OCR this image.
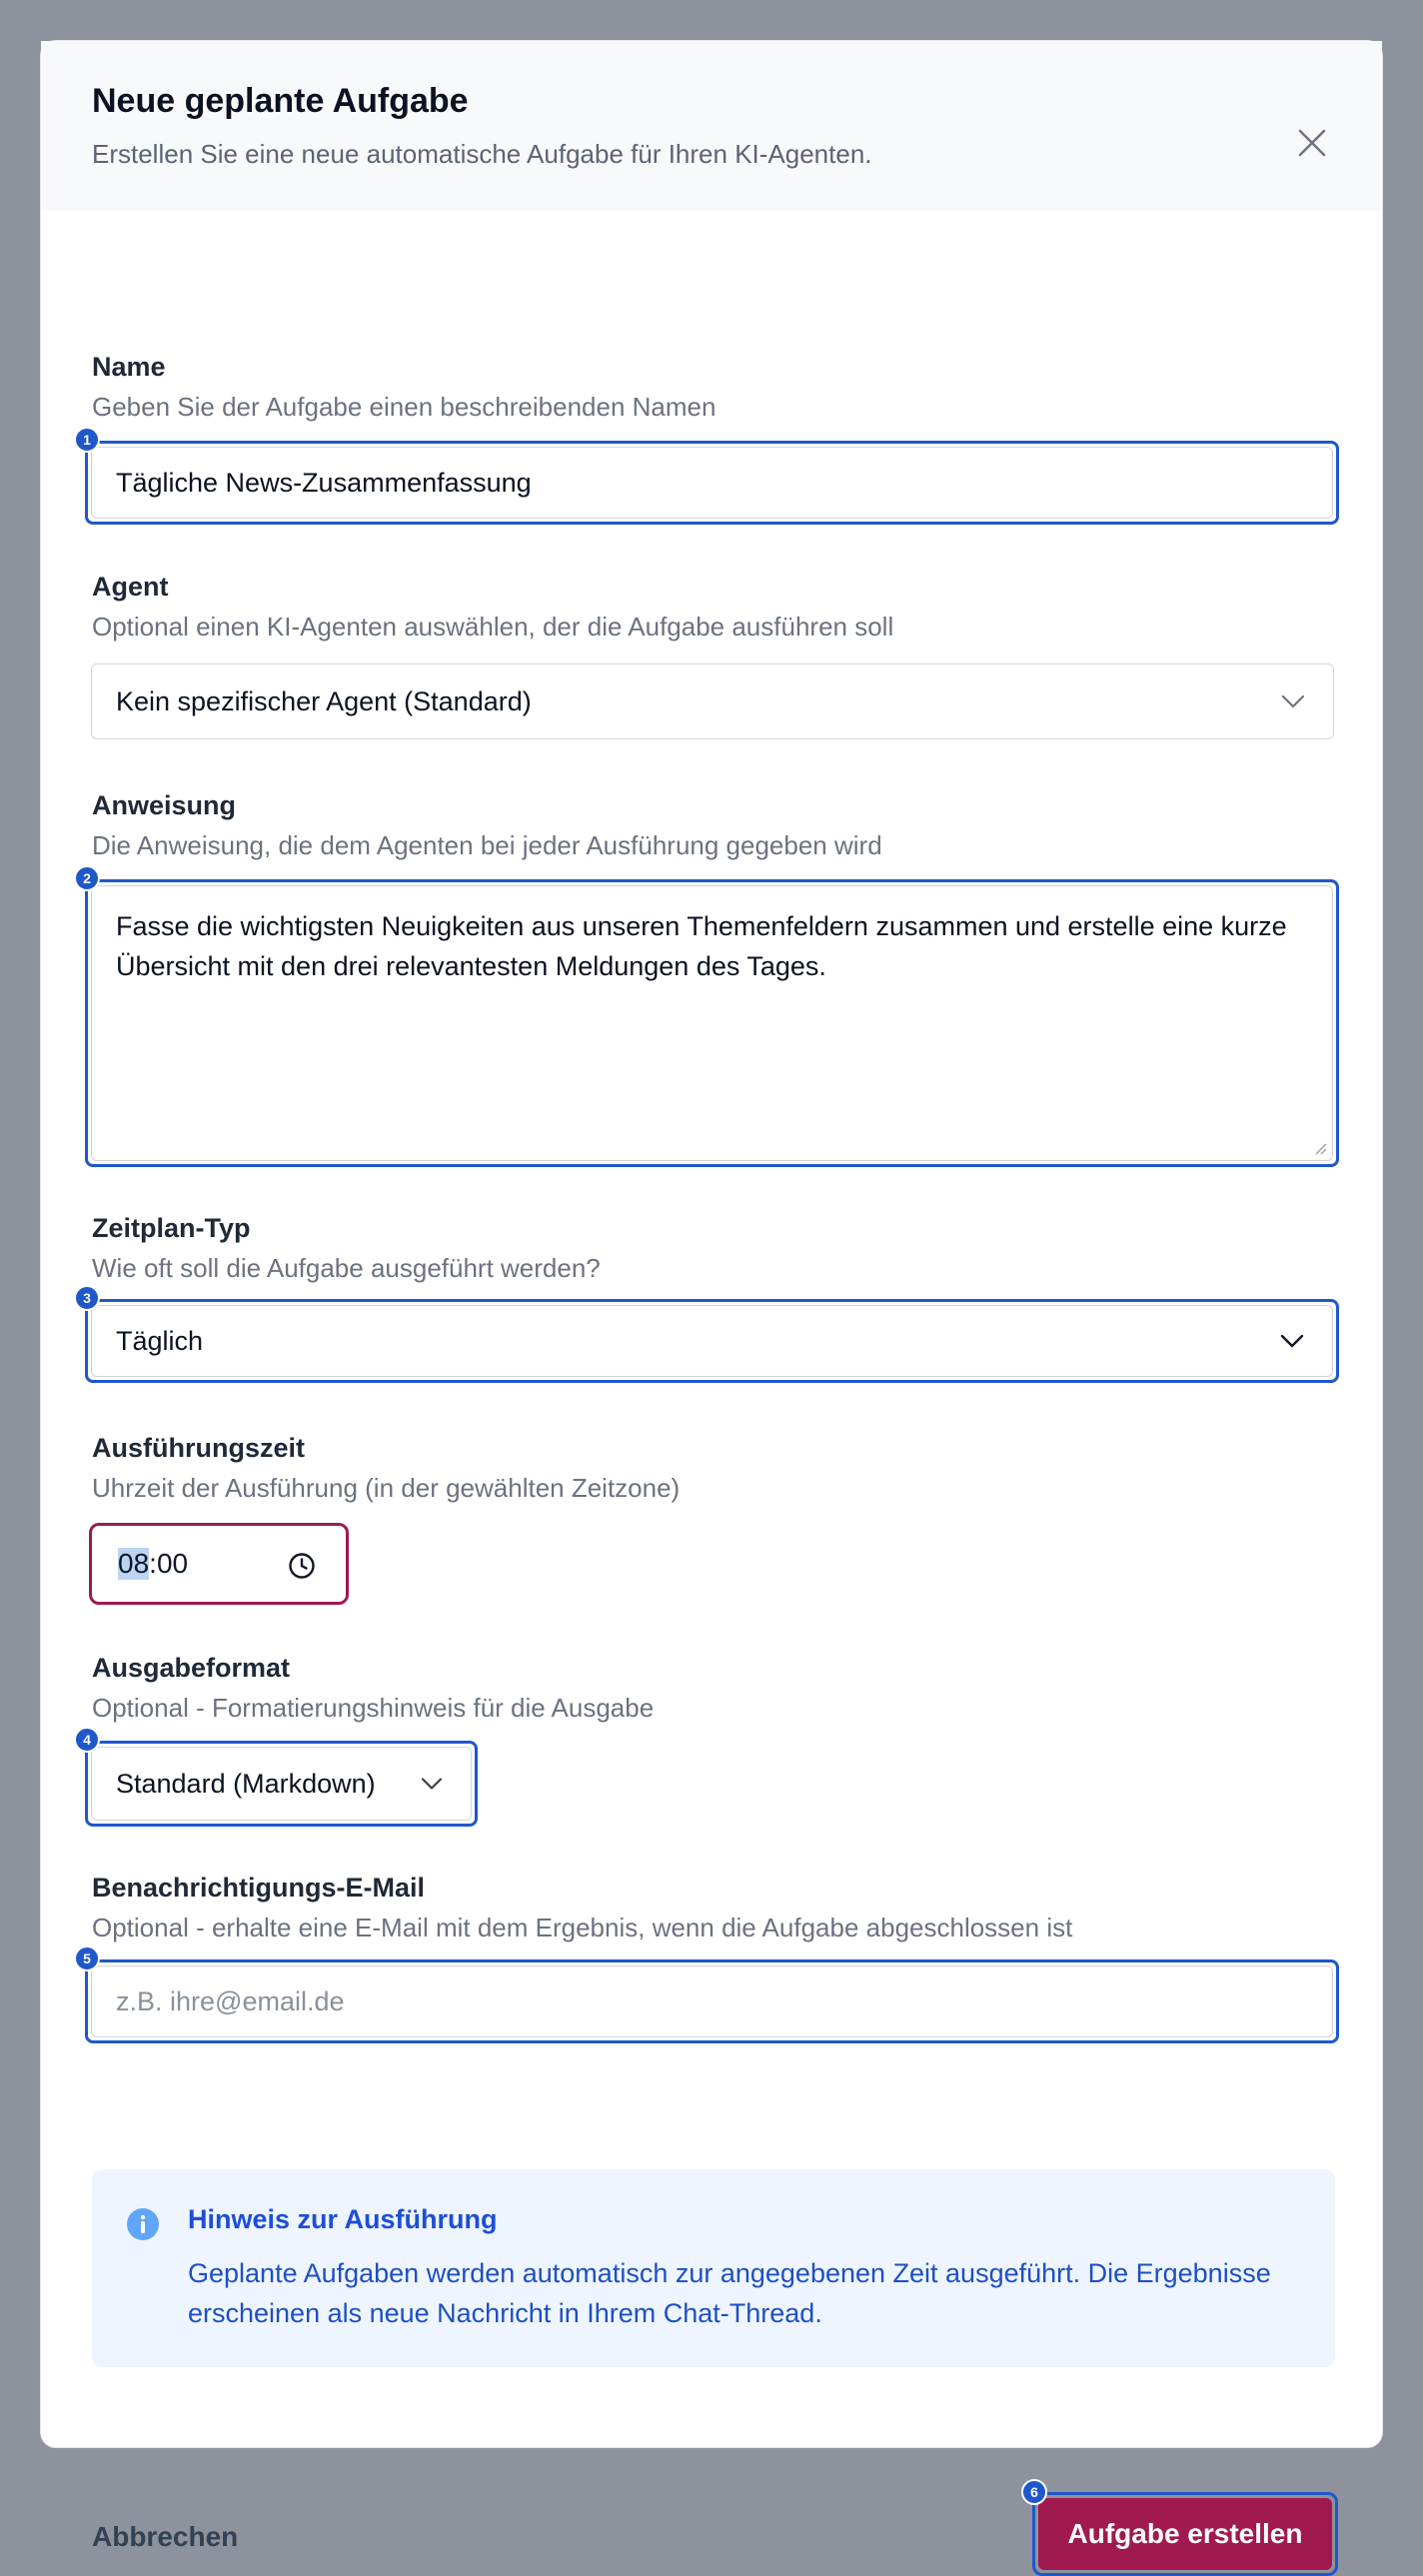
Neue geplante Aufgabe
Erstellen Sie eine neue automatische Aufgabe für Ihren KI-Agenten.
Name
Geben Sie der Aufgabe einen beschreibenden Namen
Tägliche News-Zusammenfassung
1
Agent
Optional einen KI-Agenten auswählen, der die Aufgabe ausführen soll
Kein spezifischer Agent (Standard)
Anweisung
Die Anweisung, die dem Agenten bei jeder Ausführung gegeben wird
Fasse die wichtigsten Neuigkeiten aus unseren Themenfeldern zusammen und erstelle eine kurze Übersicht mit den drei relevantesten Meldungen des Tages.
2
Zeitplan-Typ
Wie oft soll die Aufgabe ausgeführt werden?
Täglich
3
Ausführungszeit
Uhrzeit der Ausführung (in der gewählten Zeitzone)
08 : 00
Ausgabeformat
Optional - Formatierungshinweis für die Ausgabe
Standard (Markdown)
4
Benachrichtigungs-E-Mail
Optional - erhalte eine E-Mail mit dem Ergebnis, wenn die Aufgabe abgeschlossen ist
z.B. ihre@email.de
5
Hinweis zur Ausführung
Geplante Aufgaben werden automatisch zur angegebenen Zeit ausgeführt. Die Ergebnisse erscheinen als neue Nachricht in Ihrem Chat-Thread.
Abbrechen	Aufgabe erstellen
6
